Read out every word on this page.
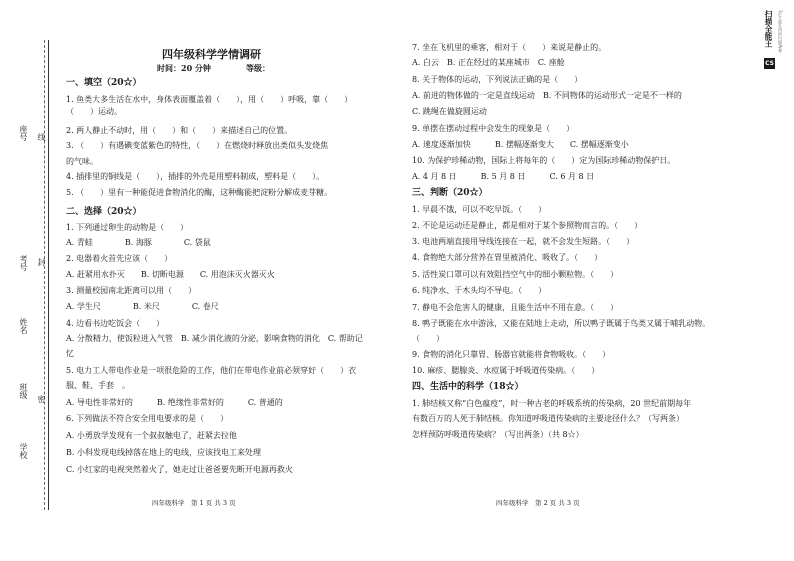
座号
考号
姓名
班级
学校
线
封
密
四年级科学学情调研
时间：20 分钟	等级：
一、填空（20☆）
1. 鱼类大多生活在水中，身体表面覆盖着（　　），用（　　）呼吸，靠（　　）
（　　）运动。
2. 两人静止不动时，用（　　）和（　　）来描述自己的位置。
3. （　　）有遇碘变蓝紫色的特性，（　　）在燃烧时释放出类似头发烧焦
的气味。
4. 插排里的铜线是（　　），插排的外壳是用塑料制成，塑料是（　　）。
5. （　　）里有一种能促进食物消化的酶，这种酶能把淀粉分解成麦芽糖。
二、选择（20☆）
1. 下列通过卵生的动物是（　　）
A. 青蛙　　　　B. 海豚　　　　C. 袋鼠
2. 电器着火首先应该（　　）
A. 赶紧用水扑灭　　B. 切断电源　　C. 用泡沫灭火器灭火
3. 测量校园南北距离可以用（　　）
A. 学生尺　　　　B. 米尺　　　　C. 卷尺
4. 边看书边吃饭会（　　）
A. 分散精力，使饭粒进入气管　B. 减少消化液的分泌，影响食物的消化　C. 帮助记
忆
5. 电力工人带电作业是一项很危险的工作，他们在带电作业前必须穿好（　　）衣
服、鞋、手套　。
A. 导电性非常好的　　　B. 绝缘性非常好的　　　C. 普通的
6. 下列做法不符合安全用电要求的是（　　）
A. 小勇放学发现有一个叔叔触电了，赶紧去拉他
B. 小科发现电线掉落在地上的电线，应该找电工来处理
C. 小红家的电视突然着火了，她走过让爸爸要先断开电源再救火
四年级科学　第 1 页 共 3 页
7. 坐在飞机里的乘客，相对于（　　）来说是静止的。
A. 白云　B. 正在经过的某座城市　C. 座舱
8. 关于物体的运动，下列说法正确的是（　　）
A. 前进的物体做的一定是直线运动　B. 不同物体的运动形式一定是不一样的
C. 跳绳在做旋圆运动
9. 单摆在摆动过程中会发生的现象是（　　）
A. 速度逐渐加快　　　B. 摆幅逐渐变大　　C. 摆幅逐渐变小
10. 为保护珍稀动物，国际上将每年的（　　）定为国际珍稀动物保护日。
A. 4 月 8 日　　　B. 5 月 8 日　　　C. 6 月 8 日
三、判断（20☆）
1. 早晨不饿，可以不吃早饭。（　　）
2. 不论是运动还是静止，都是相对于某个参照物而言的。（　　）
3. 电池两端直接用导线连接在一起，就不会发生短路。（　　）
4. 食物绝大部分营养在胃里被消化、吸收了。（　　）
5. 活性炭口罩可以有效阻挡空气中的细小颗粒物。（　　）
6. 纯净水、干木头均不导电。（　　）
7. 静电不会危害人的健康，且能生活中不用在意。（　　）
8. 鸭子既能在水中游泳，又能在陆地上走动，所以鸭子既属于鸟类又属于哺乳动物。
（　　）
9. 食物的消化只靠胃、肠器官就能将食物吸收。（　　）
10. 麻疹、腮腺炎、水痘属于呼吸道传染病。（　　）
四、生活中的科学（18☆）
1. 肺结核又称“白色瘟疫”，时一种古老的呼吸系统的传染病，20 世纪前期每年
有数百万的人死于肺结核。你知道呼吸道传染病的主要途径什么？（写两条）
怎样预防呼吸道传染病？（写出两条）（共 8☆）
四年级科学　第 2 页 共 3 页
扫描全能王 3亿人都在用的扫描App
CS
